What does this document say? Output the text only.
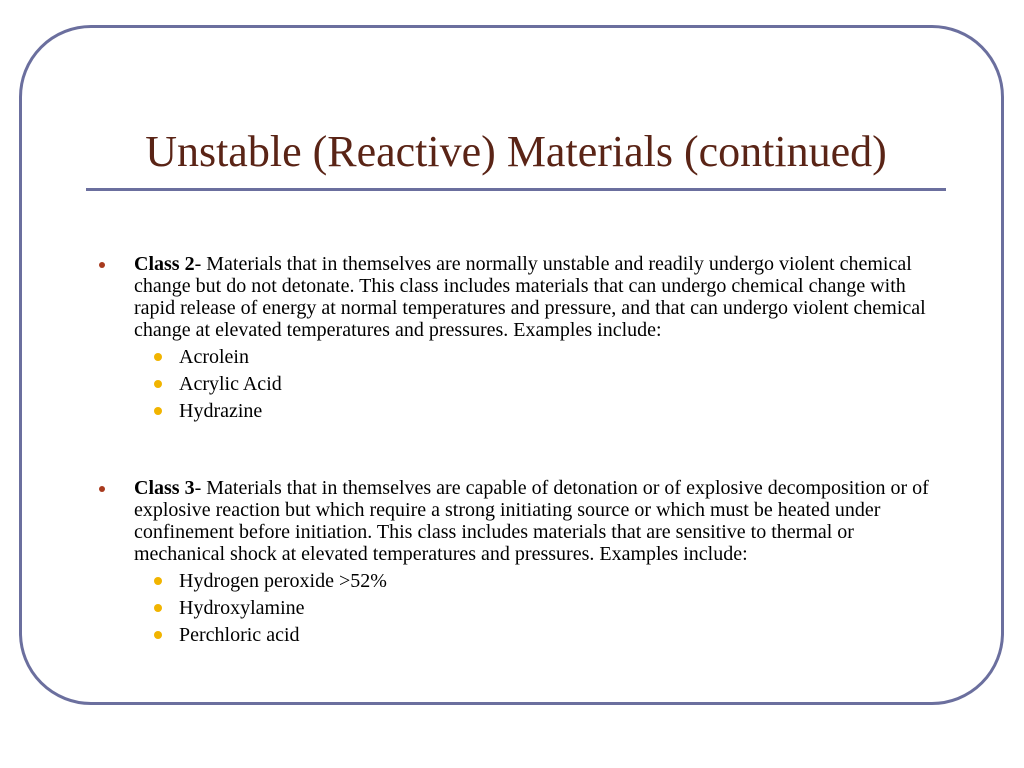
Unstable (Reactive) Materials (continued)

Class 2- Materials that in themselves are normally unstable and readily undergo violent chemical change but do not detonate. This class includes materials that can undergo chemical change with rapid release of energy at normal temperatures and pressure, and that can undergo violent chemical change at elevated temperatures and pressures. Examples include:

Acrolein
Acrylic Acid
Hydrazine

Class 3- Materials that in themselves are capable of detonation or of explosive decomposition or of explosive reaction but which require a strong initiating source or which must be heated under confinement before initiation. This class includes materials that are sensitive to thermal or mechanical shock at elevated temperatures and pressures. Examples include:

Hydrogen peroxide >52%
Hydroxylamine
Perchloric acid
